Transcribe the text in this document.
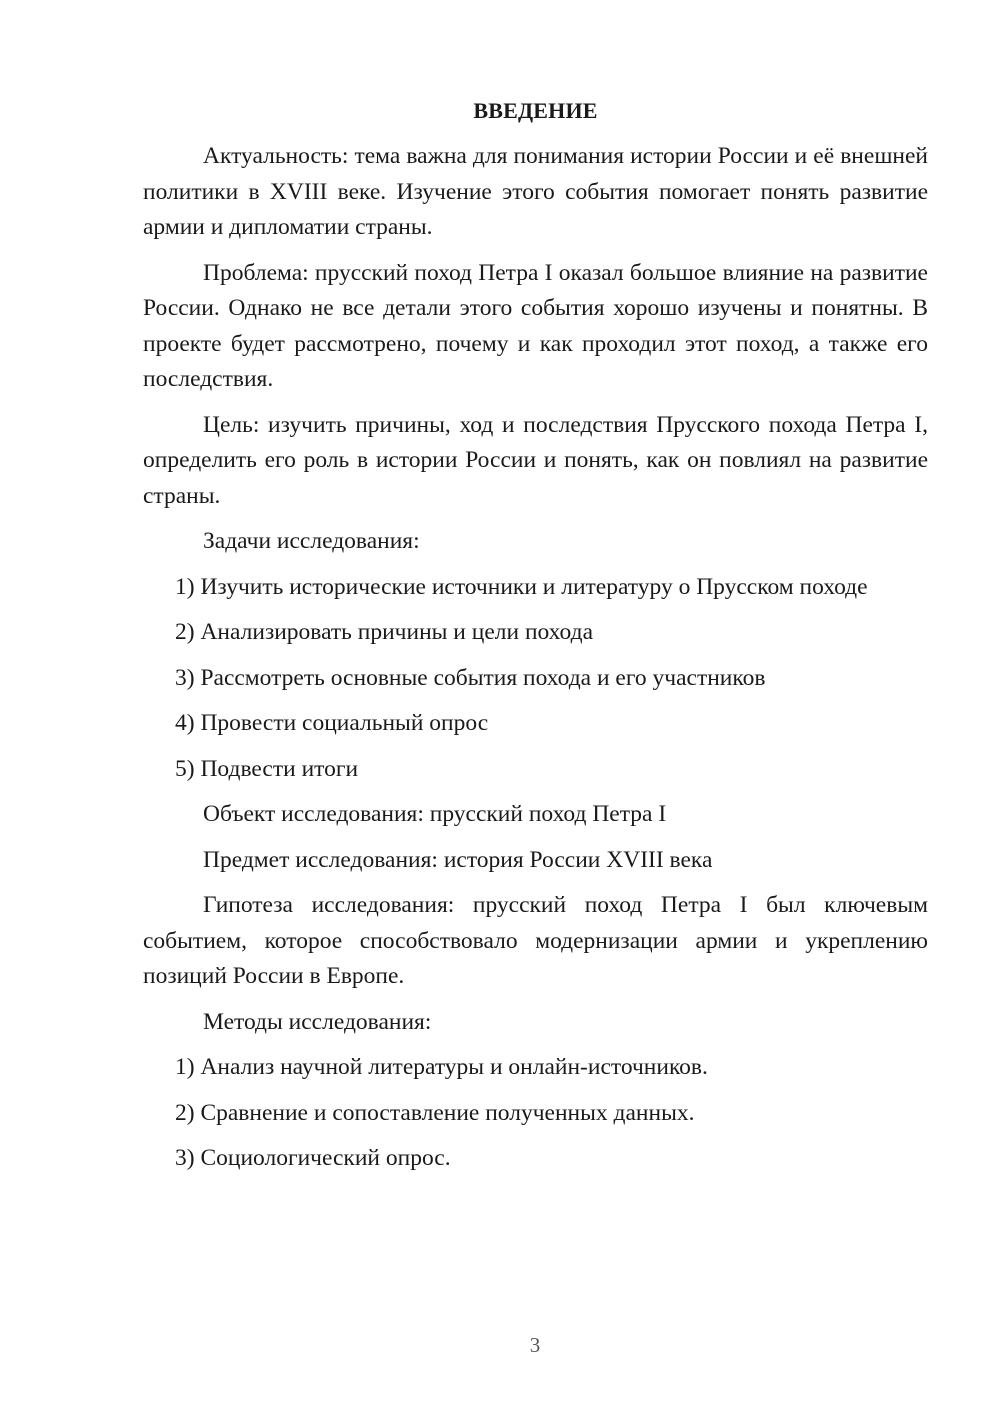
ВВЕДЕНИЕ

Актуальность: тема важна для понимания истории России и её внешней политики в XVIII веке. Изучение этого события помогает понять развитие армии и дипломатии страны.

Проблема: прусский поход Петра I оказал большое влияние на развитие России. Однако не все детали этого события хорошо изучены и понятны. В проекте будет рассмотрено, почему и как проходил этот поход, а также его последствия.

Цель: изучить причины, ход и последствия Прусского похода Петра I, определить его роль в истории России и понять, как он повлиял на развитие страны.

Задачи исследования:

1) Изучить исторические источники и литературу о Прусском походе

2) Анализировать причины и цели похода

3) Рассмотреть основные события похода и его участников

4) Провести социальный опрос

5) Подвести итоги

Объект исследования: прусский поход Петра I

Предмет исследования: история России XVIII века

Гипотеза исследования: прусский поход Петра I был ключевым событием, которое способствовало модернизации армии и укреплению позиций России в Европе.

Методы исследования:

1) Анализ научной литературы и онлайн-источников.

2) Сравнение и сопоставление полученных данных.

3) Социологический опрос.

3
